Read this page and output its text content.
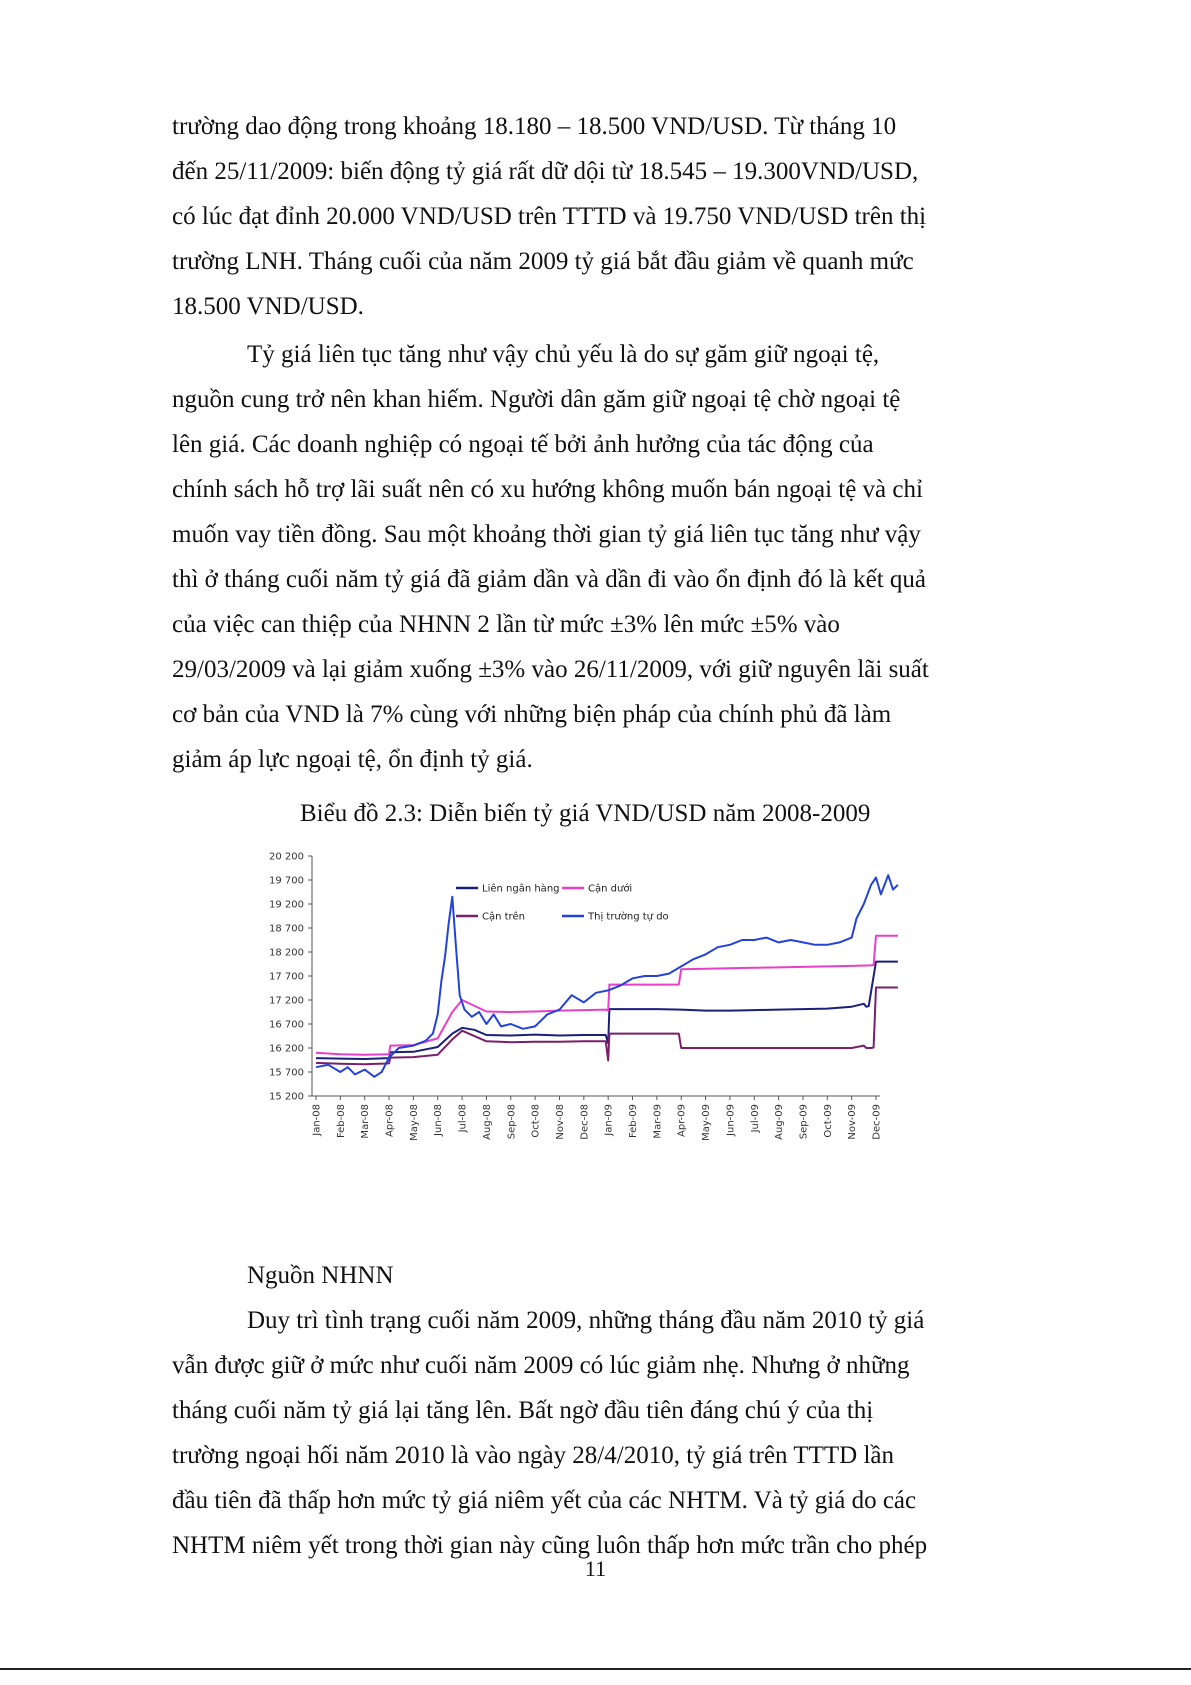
trường dao động trong khoảng 18.180 – 18.500 VND/USD. Từ tháng 10
đến 25/11/2009: biến động tỷ giá rất dữ dội từ 18.545 – 19.300VND/USD,
có lúc đạt đỉnh 20.000 VND/USD trên TTTD và 19.750 VND/USD trên thị
trường LNH. Tháng cuối của năm 2009 tỷ giá bắt đầu giảm về quanh mức
18.500 VND/USD.
Tỷ giá liên tục tăng như vậy chủ yếu là do sự găm giữ ngoại tệ,
nguồn cung trở nên khan hiếm. Người dân găm giữ ngoại tệ chờ ngoại tệ
lên giá. Các doanh nghiệp có ngoại tế bởi ảnh hưởng của tác động của
chính sách hỗ trợ lãi suất nên có xu hướng không muốn bán ngoại tệ và chỉ
muốn vay tiền đồng. Sau một khoảng thời gian tỷ giá liên tục tăng như vậy
thì ở tháng cuối năm tỷ giá đã giảm dần và dần đi vào ổn định đó là kết quả
của việc can thiệp của NHNN 2 lần từ mức ±3% lên mức ±5% vào
29/03/2009 và lại giảm xuống ±3% vào 26/11/2009, với giữ nguyên lãi suất
cơ bản của VND là 7% cùng với những biện pháp của chính phủ đã làm
giảm áp lực ngoại tệ, ổn định tỷ giá.
Biểu đồ 2.3: Diễn biến tỷ giá VND/USD năm 2008-2009
15 200
15 700
16 200
16 700
17 200
17 700
18 200
18 700
19 200
19 700
20 200
Jan-08 Feb-08 Mar-08 Apr-08 May-08 Jun-08 Jul-08 Aug-08 Sep-08 Oct-08 Nov-08 Dec-08 Jan-09 Feb-09 Mar-09 Apr-09 May-09 Jun-09 Jul-09 Aug-09 Sep-09 Oct-09 Nov-09 Dec-09
Liên ngân hàng	Cận dưới
Cận trên	Thị trường tự do
Nguồn NHNN
Duy trì tình trạng cuối năm 2009, những tháng đầu năm 2010 tỷ giá
vẫn được giữ ở mức như cuối năm 2009 có lúc giảm nhẹ. Nhưng ở những
tháng cuối năm tỷ giá lại tăng lên. Bất ngờ đầu tiên đáng chú ý của thị
trường ngoại hối năm 2010 là vào ngày 28/4/2010, tỷ giá trên TTTD lần
đầu tiên đã thấp hơn mức tỷ giá niêm yết của các NHTM. Và tỷ giá do các
NHTM niêm yết trong thời gian này cũng luôn thấp hơn mức trần cho phép
11
